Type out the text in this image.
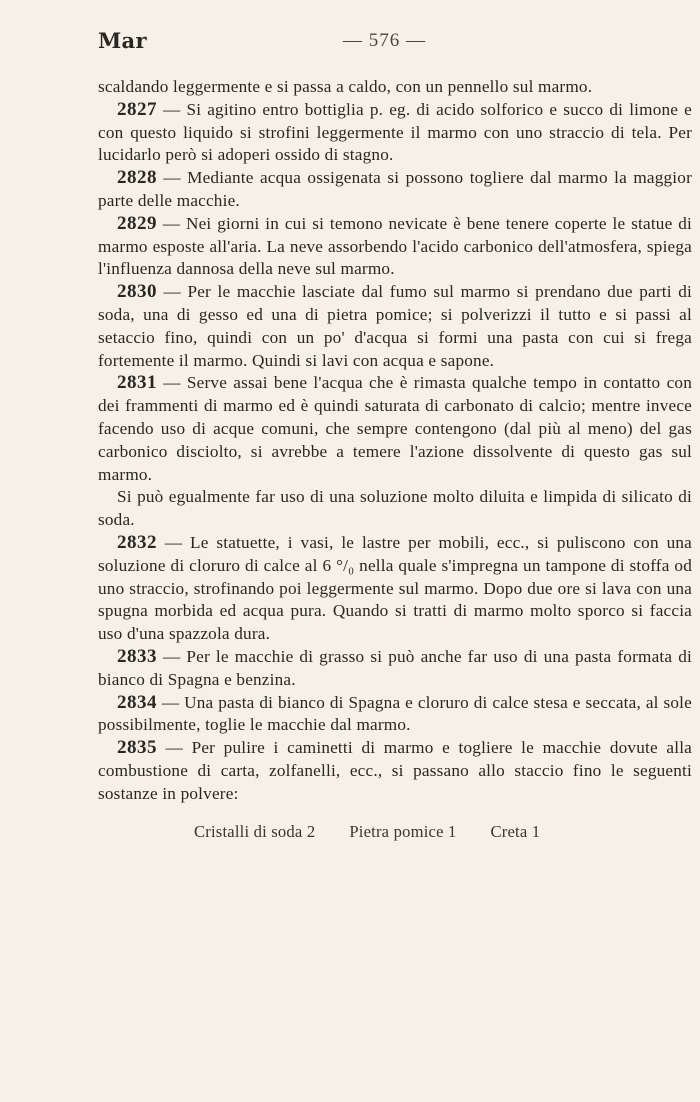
Mar	— 576 —

scaldando leggermente e si passa a caldo, con un pennello sul marmo.

2827 — Si agitino entro bottiglia p. eg. di acido solforico e succo di limone e con questo liquido si strofini leggermente il marmo con uno straccio di tela. Per lucidarlo però si adoperi ossido di stagno.

2828 — Mediante acqua ossigenata si possono togliere dal marmo la maggior parte delle macchie.

2829 — Nei giorni in cui si temono nevicate è bene tenere coperte le statue di marmo esposte all'aria. La neve assorbendo l'acido carbonico dell'atmosfera, spiega l'influenza dannosa della neve sul marmo.

2830 — Per le macchie lasciate dal fumo sul marmo si prendano due parti di soda, una di gesso ed una di pietra pomice; si polverizzi il tutto e si passi al setaccio fino, quindi con un po' d'acqua si formi una pasta con cui si frega fortemente il marmo. Quindi si lavi con acqua e sapone.

2831 — Serve assai bene l'acqua che è rimasta qualche tempo in contatto con dei frammenti di marmo ed è quindi saturata di carbonato di calcio; mentre invece facendo uso di acque comuni, che sempre contengono (dal più al meno) del gas carbonico disciolto, si avrebbe a temere l'azione dissolvente di questo gas sul marmo.

Si può egualmente far uso di una soluzione molto diluita e limpida di silicato di soda.

2832 — Le statuette, i vasi, le lastre per mobili, ecc., si puliscono con una soluzione di cloruro di calce al 6 °/₀ nella quale s'impregna un tampone di stoffa od uno straccio, strofinando poi leggermente sul marmo. Dopo due ore si lava con una spugna morbida ed acqua pura. Quando si tratti di marmo molto sporco si faccia uso d'una spazzola dura.

2833 — Per le macchie di grasso si può anche far uso di una pasta formata di bianco di Spagna e benzina.

2834 — Una pasta di bianco di Spagna e cloruro di calce stesa e seccata, al sole possibilmente, toglie le macchie dal marmo.

2835 — Per pulire i caminetti di marmo e togliere le macchie dovute alla combustione di carta, zolfanelli, ecc., si passano allo staccio fino le seguenti sostanze in polvere:

Cristalli di soda 2 Pietra pomice 1 Creta 1
